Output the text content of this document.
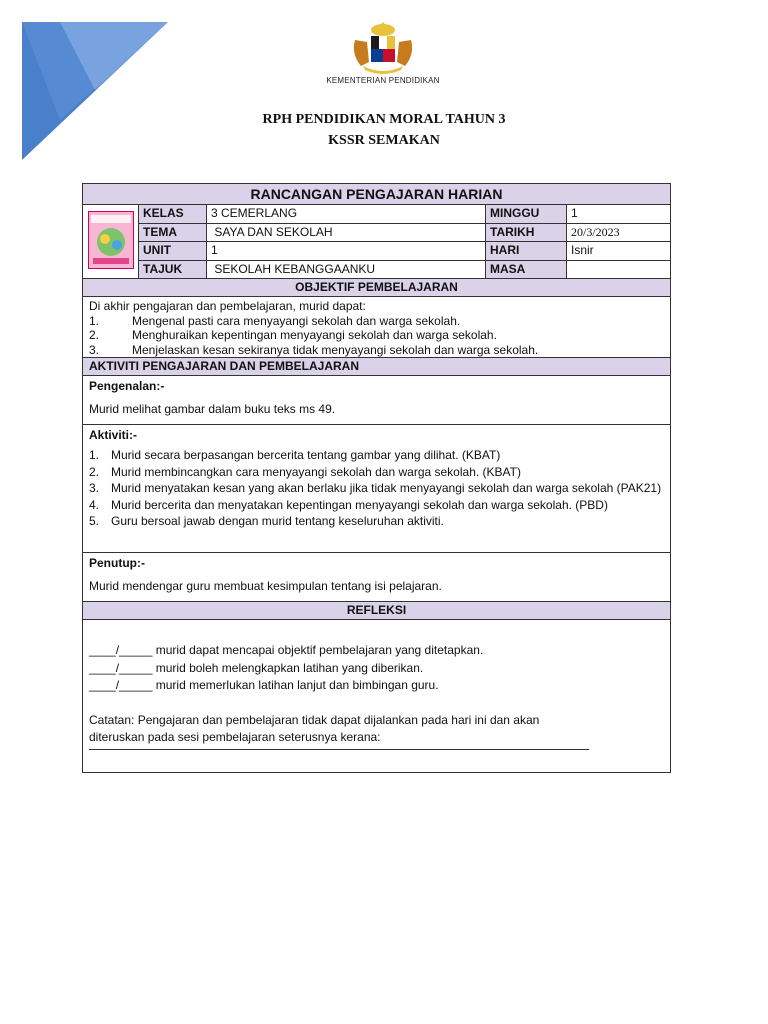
KEMENTERIAN PENDIDIKAN
RPH PENDIDIKAN MORAL TAHUN 3
KSSR SEMAKAN
RANCANGAN PENGAJARAN HARIAN
KELAS	3 CEMERLANG	MINGGU	1
TEMA	SAYA DAN SEKOLAH	TARIKH	20/3/2023
UNIT	1	HARI	Isnir
TAJUK	SEKOLAH KEBANGGAANKU	MASA
OBJEKTIF PEMBELAJARAN
Di akhir pengajaran dan pembelajaran, murid dapat:
1.	Mengenal pasti cara menyayangi sekolah dan warga sekolah.
2.	Menghuraikan kepentingan menyayangi sekolah dan warga sekolah.
3.	Menjelaskan kesan sekiranya tidak menyayangi sekolah dan warga sekolah.
AKTIVITI PENGAJARAN DAN PEMBELAJARAN
Pengenalan:-
Murid melihat gambar dalam buku teks ms 49.
Aktiviti:-
1. Murid secara berpasangan bercerita tentang gambar yang dilihat. (KBAT)
2. Murid membincangkan cara menyayangi sekolah dan warga sekolah. (KBAT)
3. Murid menyatakan kesan yang akan berlaku jika tidak menyayangi sekolah dan warga sekolah (PAK21)
4. Murid bercerita dan menyatakan kepentingan menyayangi sekolah dan warga sekolah. (PBD)
5. Guru bersoal jawab dengan murid tentang keseluruhan aktiviti.
Penutup:-
Murid mendengar guru membuat kesimpulan tentang isi pelajaran.
REFLEKSI
____/_____ murid dapat mencapai objektif pembelajaran yang ditetapkan.
____/_____ murid boleh melengkapkan latihan yang diberikan.
____/_____ murid memerlukan latihan lanjut dan bimbingan guru.
Catatan: Pengajaran dan pembelajaran tidak dapat dijalankan pada hari ini dan akan
diteruskan pada sesi pembelajaran seterusnya kerana:
